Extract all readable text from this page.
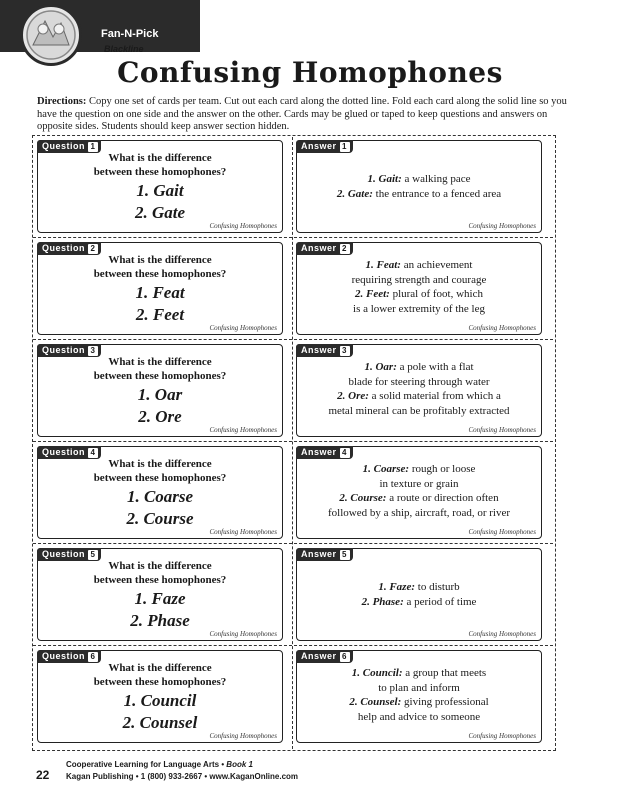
Fan-N-Pick
Blackline
Confusing Homophones
Directions: Copy one set of cards per team. Cut out each card along the dotted line. Fold each card along the solid line so you have the question on one side and the answer on the other. Cards may be glued or taped to keep questions and answers on opposite sides. Students should keep answer section hidden.
Question 1
What is the difference
between these homophones?
1. Gait
2. Gate
Confusing Homophones
Answer 1
1. Gait: a walking pace
2. Gate: the entrance to a fenced area
Confusing Homophones
Question 2
What is the difference
between these homophones?
1. Feat
2. Feet
Confusing Homophones
Answer 2
1. Feat: an achievement
requiring strength and courage
2. Feet: plural of foot, which
is a lower extremity of the leg
Confusing Homophones
Question 3
What is the difference
between these homophones?
1. Oar
2. Ore
Confusing Homophones
Answer 3
1. Oar: a pole with a flat
blade for steering through water
2. Ore: a solid material from which a
metal mineral can be profitably extracted
Confusing Homophones
Question 4
What is the difference
between these homophones?
1. Coarse
2. Course
Confusing Homophones
Answer 4
1. Coarse: rough or loose
in texture or grain
2. Course: a route or direction often
followed by a ship, aircraft, road, or river
Confusing Homophones
Question 5
What is the difference
between these homophones?
1. Faze
2. Phase
Confusing Homophones
Answer 5
1. Faze: to disturb
2. Phase: a period of time
Confusing Homophones
Question 6
What is the difference
between these homophones?
1. Council
2. Counsel
Confusing Homophones
Answer 6
1. Council: a group that meets
to plan and inform
2. Counsel: giving professional
help and advice to someone
Confusing Homophones
22
Cooperative Learning for Language Arts • Book 1
Kagan Publishing • 1 (800) 933-2667 • www.KaganOnline.com
